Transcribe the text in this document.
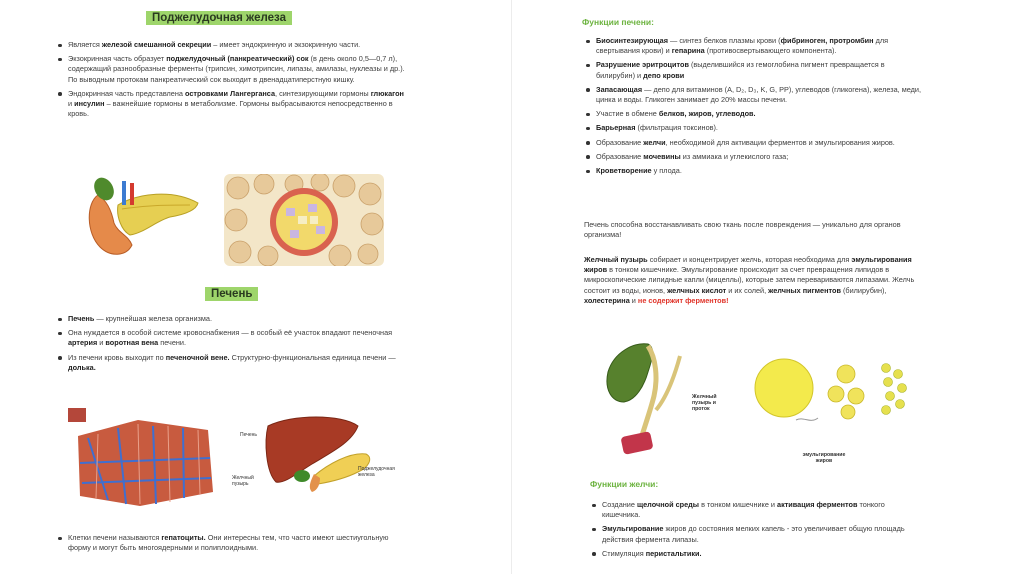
Поджелудочная железа
Является железой смешанной секреции – имеет эндокринную и экзокринную части.
Экзокринная часть образует поджелудочный (панкреатический) сок (в день около 0,5—0,7 л), содержащий разнообразные ферменты (трипсин, химотрипсин, липазы, амилазы, нуклеазы и др.). По выводным протокам панкреатический сок выходит в двенадцатиперстную кишку.
Эндокринная часть представлена островками Лангерганса, синтезирующими гормоны глюкагон и инсулин – важнейшие гормоны в метаболизме. Гормоны выбрасываются непосредственно в кровь.
Печень
Печень — крупнейшая железа организма.
Она нуждается в особой системе кровоснабжения — в особый её участок впадают печеночная артерия и воротная вена печени.
Из печени кровь выходит по печеночной вене. Структурно-функциональная единица печени — долька.
Печень
Желчный пузырь
Поджелудочная железа
Клетки печени называются гепатоциты. Они интересны тем, что часто имеют шестиугольную форму и могут быть многоядерными и полиплоидными.
Функции печени:
Биосинтезирующая — синтез белков плазмы крови (фибриноген, протромбин для свертывания крови) и гепарина (противосвертывающего компонента).
Разрушение эритроцитов (выделившийся из гемоглобина пигмент превращается в билирубин) и депо крови
Запасающая — депо для витаминов (A, D₂, D₃, K, G, PP), углеводов (гликогена), железа, меди, цинка и воды. Гликоген занимает до 20% массы печени.
Участие в обмене белков, жиров, углеводов.
Барьерная (фильтрация токсинов).
Образование желчи, необходимой для активации ферментов и эмульгирования жиров.
Образование мочевины из аммиака и углекислого газа;
Кроветворение у плода.

Печень способна восстанавливать свою ткань после повреждения — уникально для органов организма!

Желчный пузырь собирает и концентрирует желчь, которая необходима для эмульгирования жиров в тонком кишечнике. Эмульгирование происходит за счет превращения липидов в микроскопические липидные капли (мицеллы), которые затем перевариваются липазами. Желчь состоит из воды, ионов, желчных кислот и их солей, желчных пигментов (билирубин), холестерина и не содержит ферментов!

Желчный пузырь и проток
эмульгирование жиров
Функции желчи:
Создание щелочной среды в тонком кишечнике и активация ферментов тонкого кишечника.
Эмульгирование жиров до состояния мелких капель - это увеличивает общую площадь действия фермента липазы.
Стимуляция перистальтики.
